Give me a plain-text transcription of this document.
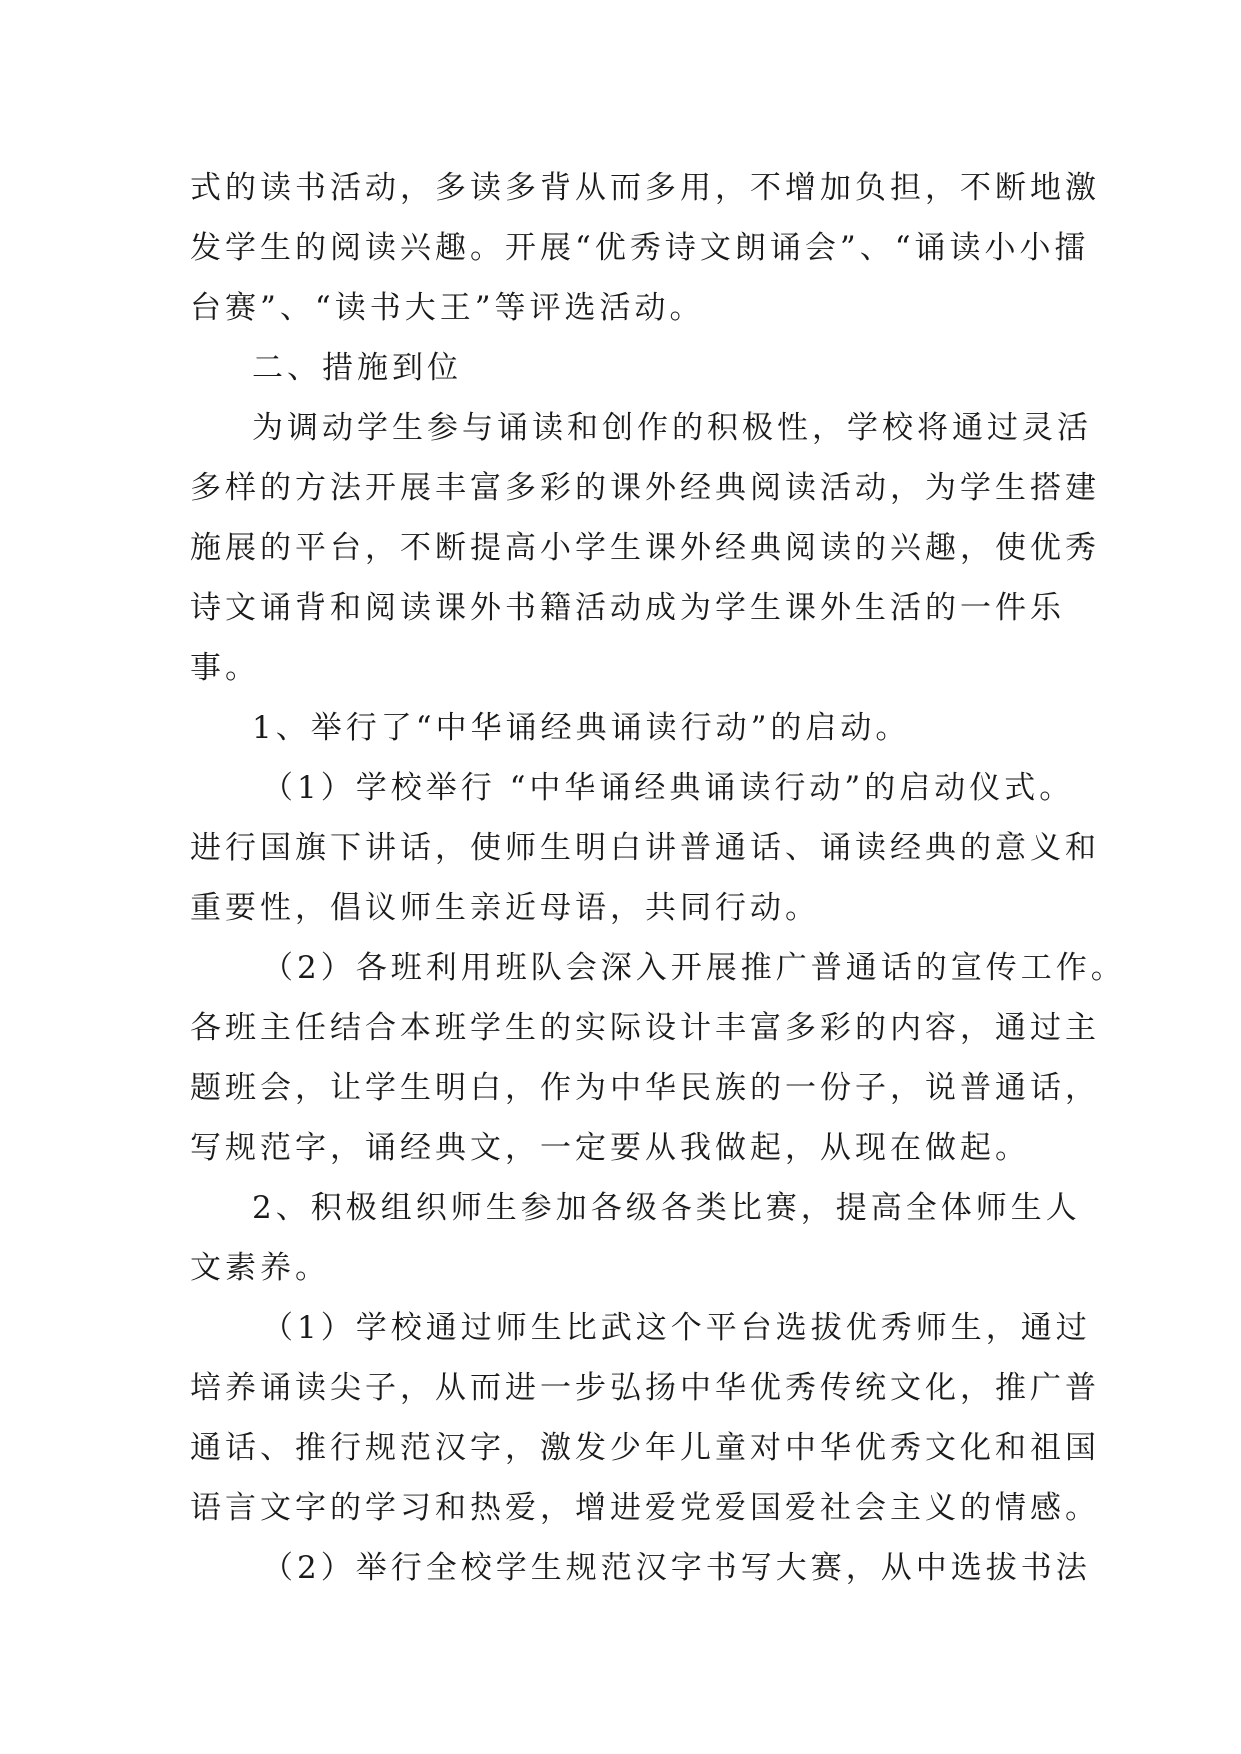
式的读书活动，多读多背从而多用，不增加负担，不断地激
发学生的阅读兴趣。开展“优秀诗文朗诵会”、“诵读小小擂
台赛”、“读书大王”等评选活动。
二、措施到位
为调动学生参与诵读和创作的积极性，学校将通过灵活
多样的方法开展丰富多彩的课外经典阅读活动，为学生搭建
施展的平台，不断提高小学生课外经典阅读的兴趣，使优秀
诗文诵背和阅读课外书籍活动成为学生课外生活的一件乐
事。
1、举行了“中华诵经典诵读行动”的启动。
（1）学校举行 “中华诵经典诵读行动”的启动仪式。
进行国旗下讲话，使师生明白讲普通话、诵读经典的意义和
重要性，倡议师生亲近母语，共同行动。
（2）各班利用班队会深入开展推广普通话的宣传工作。
各班主任结合本班学生的实际设计丰富多彩的内容，通过主
题班会，让学生明白，作为中华民族的一份子，说普通话，
写规范字，诵经典文，一定要从我做起，从现在做起。
2、积极组织师生参加各级各类比赛，提高全体师生人
文素养。
（1）学校通过师生比武这个平台选拔优秀师生，通过
培养诵读尖子，从而进一步弘扬中华优秀传统文化，推广普
通话、推行规范汉字，激发少年儿童对中华优秀文化和祖国
语言文字的学习和热爱，增进爱党爱国爱社会主义的情感。
（2）举行全校学生规范汉字书写大赛，从中选拔书法
